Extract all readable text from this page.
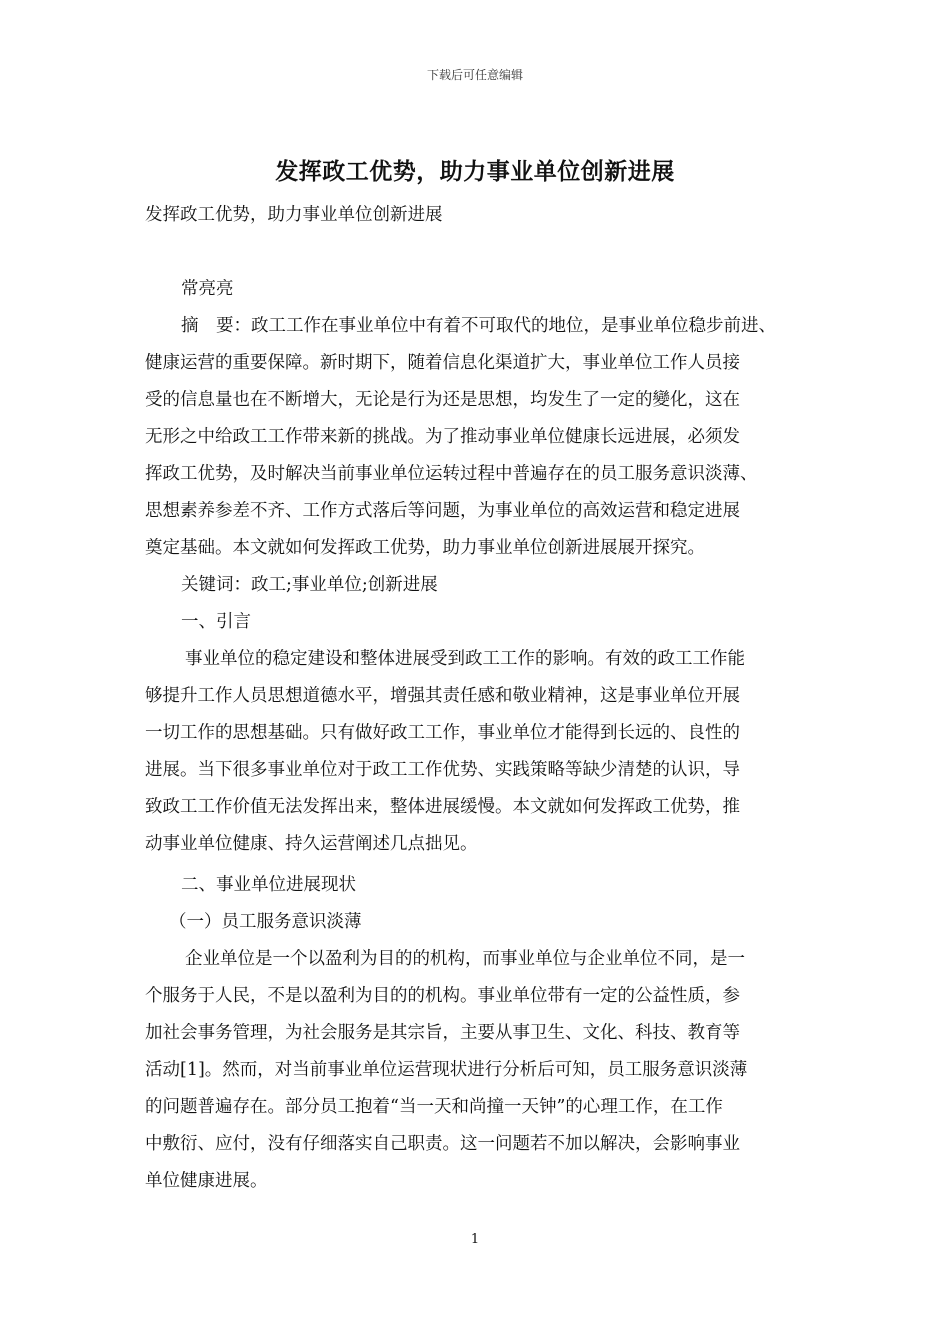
下载后可任意编辑
发挥政工优势，助力事业单位创新进展
发挥政工优势，助力事业单位创新进展
常亮亮
摘　要：政工工作在事业单位中有着不可取代的地位，是事业单位稳步前进、
健康运营的重要保障。新时期下，随着信息化渠道扩大，事业单位工作人员接
受的信息量也在不断增大，无论是行为还是思想，均发生了一定的變化，这在
无形之中给政工工作带来新的挑战。为了推动事业单位健康长远进展，必须发
挥政工优势，及时解决当前事业单位运转过程中普遍存在的员工服务意识淡薄、
思想素养参差不齐、工作方式落后等问题，为事业单位的高效运营和稳定进展
奠定基础。本文就如何发挥政工优势，助力事业单位创新进展展开探究。
关键词：政工;事业单位;创新进展
一、引言
事业单位的稳定建设和整体进展受到政工工作的影响。有效的政工工作能
够提升工作人员思想道德水平，增强其责任感和敬业精神，这是事业单位开展
一切工作的思想基础。只有做好政工工作，事业单位才能得到长远的、良性的
进展。当下很多事业单位对于政工工作优势、实践策略等缺少清楚的认识，导
致政工工作价值无法发挥出来，整体进展缓慢。本文就如何发挥政工优势，推
动事业单位健康、持久运营阐述几点拙见。
二、事业单位进展现状
（一）员工服务意识淡薄
企业单位是一个以盈利为目的的机构，而事业单位与企业单位不同，是一
个服务于人民，不是以盈利为目的的机构。事业单位带有一定的公益性质，参
加社会事务管理，为社会服务是其宗旨，主要从事卫生、文化、科技、教育等
活动[1]。然而，对当前事业单位运营现状进行分析后可知，员工服务意识淡薄
的问题普遍存在。部分员工抱着“当一天和尚撞一天钟”的心理工作，在工作
中敷衍、应付，没有仔细落实自己职责。这一问题若不加以解决，会影响事业
单位健康进展。
1
